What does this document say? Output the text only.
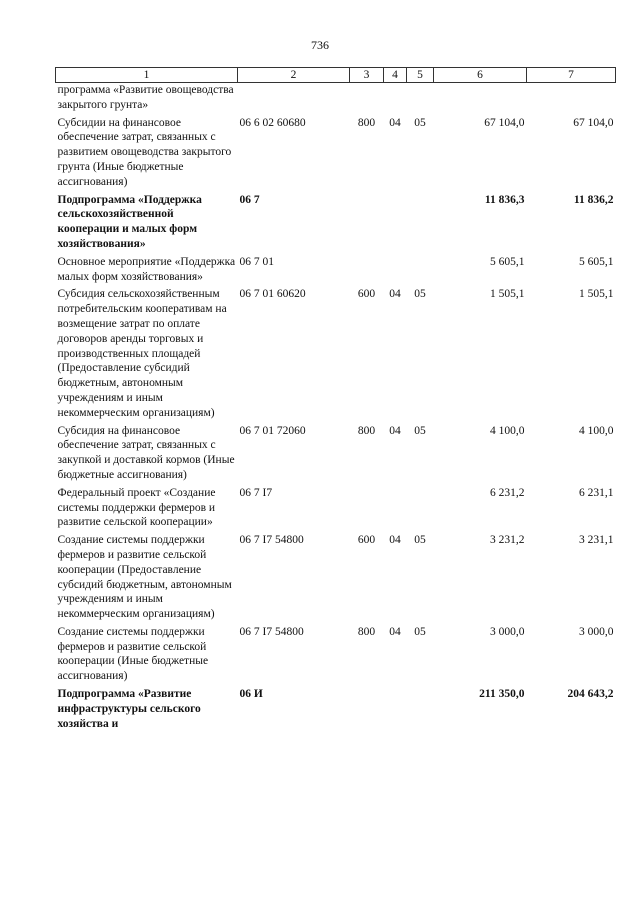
736
1	2	3	4	5	6	7
программа «Развитие овощеводства закрытого грунта»						
Субсидии на финансовое обеспечение затрат, связанных с развитием овощеводства закрытого грунта (Иные бюджетные ассигнования)	06 6 02 60680	800	04	05	67 104,0	67 104,0
Подпрограмма «Поддержка сельскохозяйственной кооперации и малых форм хозяйствования»	06 7				11 836,3	11 836,2
Основное мероприятие «Поддержка малых форм хозяйствования»	06 7 01				5 605,1	5 605,1
Субсидия сельскохозяйственным потребительским кооперативам на возмещение затрат по оплате договоров аренды торговых и производственных площадей (Предоставление субсидий бюджетным, автономным учреждениям и иным некоммерческим организациям)	06 7 01 60620	600	04	05	1 505,1	1 505,1
Субсидия на финансовое обеспечение затрат, связанных с закупкой и доставкой кормов (Иные бюджетные ассигнования)	06 7 01 72060	800	04	05	4 100,0	4 100,0
Федеральный проект «Создание системы поддержки фермеров и развитие сельской кооперации»	06 7 I7				6 231,2	6 231,1
Создание системы поддержки фермеров и развитие сельской кооперации (Предоставление субсидий бюджетным, автономным учреждениям и иным некоммерческим организациям)	06 7 I7 54800	600	04	05	3 231,2	3 231,1
Создание системы поддержки фермеров и развитие сельской кооперации (Иные бюджетные ассигнования)	06 7 I7 54800	800	04	05	3 000,0	3 000,0
Подпрограмма «Развитие инфраструктуры сельского хозяйства и	06 И				211 350,0	204 643,2
